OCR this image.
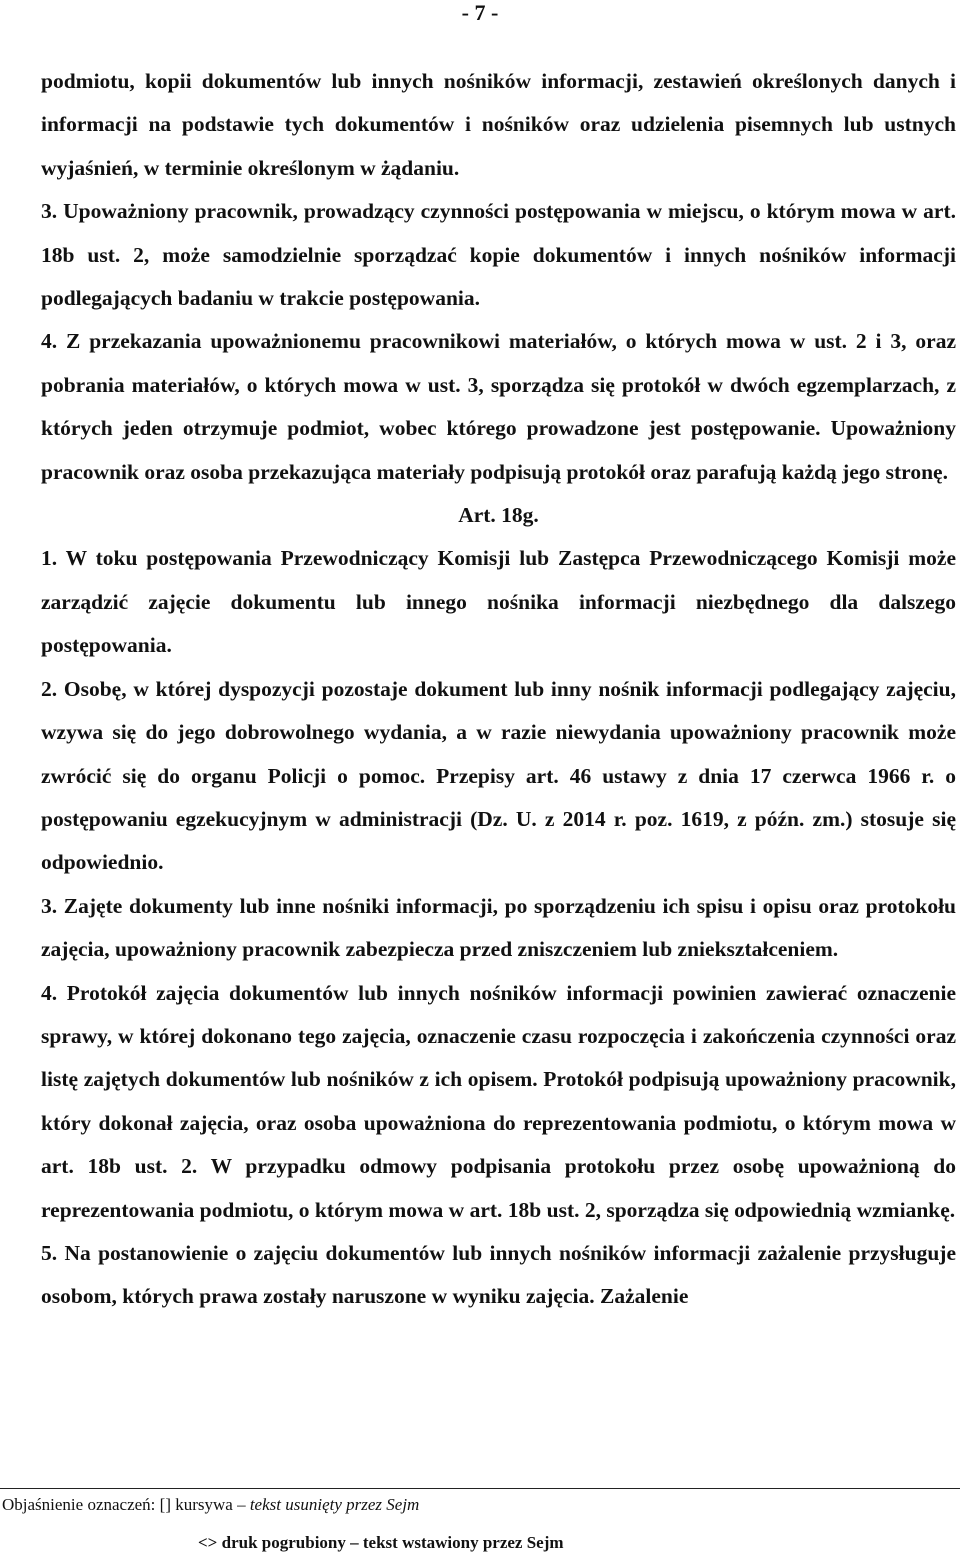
- 7 -

podmiotu, kopii dokumentów lub innych nośników informacji, zestawień określonych danych i informacji na podstawie tych dokumentów i nośników oraz udzielenia pisemnych lub ustnych wyjaśnień, w terminie określonym w żądaniu.

3. Upoważniony pracownik, prowadzący czynności postępowania w miejscu, o którym mowa w art. 18b ust. 2, może samodzielnie sporządzać kopie dokumentów i innych nośników informacji podlegających badaniu w trakcie postępowania.

4. Z przekazania upoważnionemu pracownikowi materiałów, o których mowa w ust. 2 i 3, oraz pobrania materiałów, o których mowa w ust. 3, sporządza się protokół w dwóch egzemplarzach, z których jeden otrzymuje podmiot, wobec którego prowadzone jest postępowanie. Upoważniony pracownik oraz osoba przekazująca materiały podpisują protokół oraz parafują każdą jego stronę.

Art. 18g.

1. W toku postępowania Przewodniczący Komisji lub Zastępca Przewodniczącego Komisji może zarządzić zajęcie dokumentu lub innego nośnika informacji niezbędnego dla dalszego postępowania.

2. Osobę, w której dyspozycji pozostaje dokument lub inny nośnik informacji podlegający zajęciu, wzywa się do jego dobrowolnego wydania, a w razie niewydania upoważniony pracownik może zwrócić się do organu Policji o pomoc. Przepisy art. 46 ustawy z dnia 17 czerwca 1966 r. o postępowaniu egzekucyjnym w administracji (Dz. U. z 2014 r. poz. 1619, z późn. zm.) stosuje się odpowiednio.

3. Zajęte dokumenty lub inne nośniki informacji, po sporządzeniu ich spisu i opisu oraz protokołu zajęcia, upoważniony pracownik zabezpiecza przed zniszczeniem lub zniekształceniem.

4. Protokół zajęcia dokumentów lub innych nośników informacji powinien zawierać oznaczenie sprawy, w której dokonano tego zajęcia, oznaczenie czasu rozpoczęcia i zakończenia czynności oraz listę zajętych dokumentów lub nośników z ich opisem. Protokół podpisują upoważniony pracownik, który dokonał zajęcia, oraz osoba upoważniona do reprezentowania podmiotu, o którym mowa w art. 18b ust. 2. W przypadku odmowy podpisania protokołu przez osobę upoważnioną do reprezentowania podmiotu, o którym mowa w art. 18b ust. 2, sporządza się odpowiednią wzmiankę.

5. Na postanowienie o zajęciu dokumentów lub innych nośników informacji zażalenie przysługuje osobom, których prawa zostały naruszone w wyniku zajęcia. Zażalenie

Objaśnienie oznaczeń: [] kursywa – tekst usunięty przez Sejm
<> druk pogrubiony – tekst wstawiony przez Sejm
